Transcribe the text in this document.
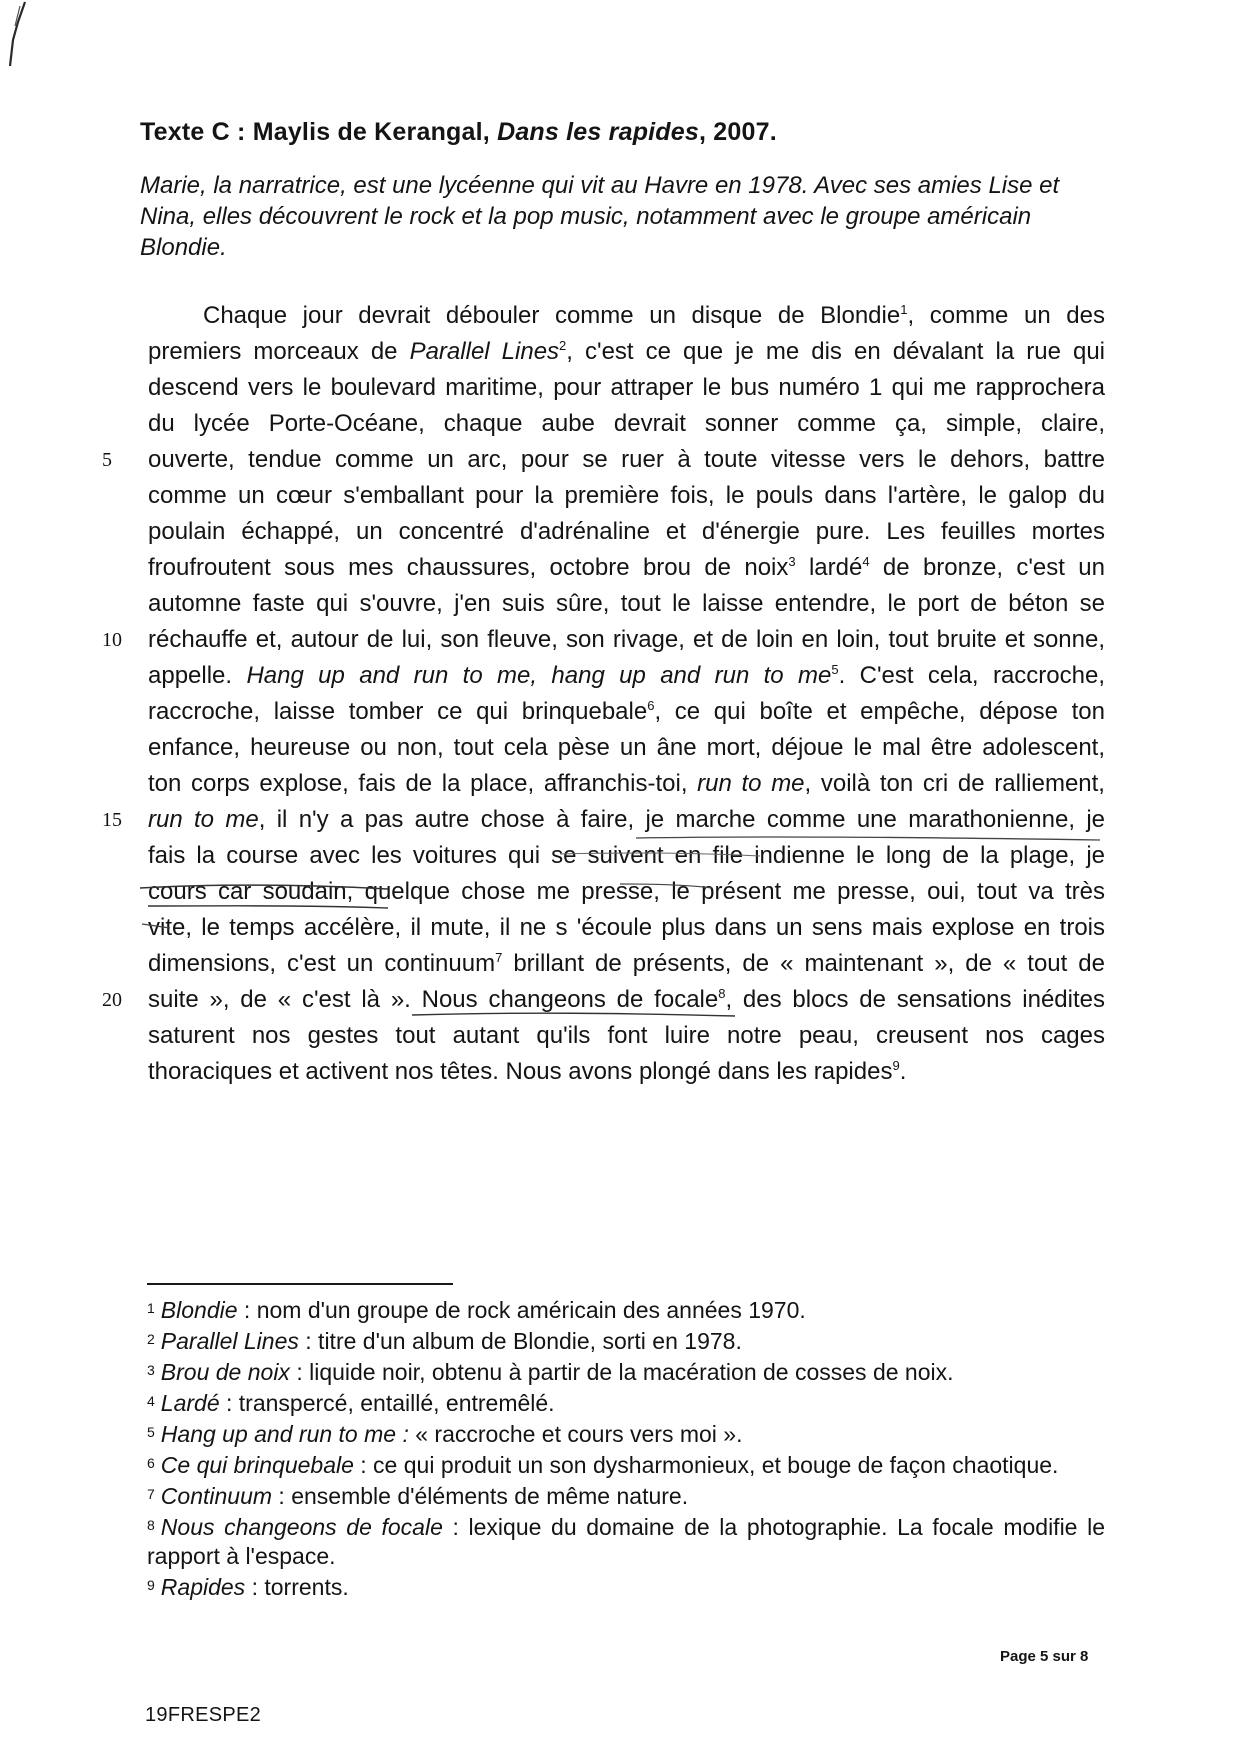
Texte C : Maylis de Kerangal, Dans les rapides, 2007.
Marie, la narratrice, est une lycéenne qui vit au Havre en 1978. Avec ses amies Lise et Nina, elles découvrent le rock et la pop music, notamment avec le groupe américain Blondie.
Chaque jour devrait débouler comme un disque de Blondie$^1$, comme un des
premiers morceaux de Parallel Lines$^2$, c'est ce que je me dis en dévalant la rue qui
descend vers le boulevard maritime, pour attraper le bus numéro 1 qui me rapprochera
du lycée Porte-Océane, chaque aube devrait sonner comme ça, simple, claire,
5	ouverte, tendue comme un arc, pour se ruer à toute vitesse vers le dehors, battre
comme un cœur s'emballant pour la première fois, le pouls dans l'artère, le galop du
poulain échappé, un concentré d'adrénaline et d'énergie pure. Les feuilles mortes
froufroutent sous mes chaussures, octobre brou de noix$^3$ lardé$^4$ de bronze, c'est un
automne faste qui s'ouvre, j'en suis sûre, tout le laisse entendre, le port de béton se
10	réchauffe et, autour de lui, son fleuve, son rivage, et de loin en loin, tout bruite et sonne,
appelle. Hang up and run to me, hang up and run to $me^5$. C'est cela, raccroche,
raccroche, laisse tomber ce qui brinquebale$^6$, ce qui boîte et empêche, dépose ton
enfance, heureuse ou non, tout cela pèse un âne mort, déjoue le mal être adolescent,
ton corps explose, fais de la place, affranchis-toi, run to me, voilà ton cri de ralliement,
15	run to me, il n'y a pas autre chose à faire, je marche comme une marathonienne, je
fais la course avec les voitures qui se suivent en file indienne le long de la plage, je
cours car soudain, quelque chose me presse, le présent me presse, oui, tout va très
vite, le temps accélère, il mute, il ne s 'écoule plus dans un sens mais explose en trois
dimensions, c'est un continuum$^7$ brillant de présents, de « maintenant », de « tout de
20	suite », de « c'est là ». Nous changeons de focale$^8$, des blocs de sensations inédites
saturent nos gestes tout autant qu'ils font luire notre peau, creusent nos cages
thoraciques et activent nos têtes. Nous avons plongé dans les rapides$^9$.
$^1$ Blondie : nom d'un groupe de rock américain des années 1970.
$^2$ Parallel Lines : titre d'un album de Blondie, sorti en 1978.
$^3$ Brou de noix : liquide noir, obtenu à partir de la macération de cosses de noix.
$^4$ Lardé : transpercé, entaillé, entremêlé.
$^5$ Hang up and run to me : « raccroche et cours vers moi ».
$^6$ Ce qui brinquebale : ce qui produit un son dysharmonieux, et bouge de façon chaotique.
$^7$ Continuum : ensemble d'éléments de même nature.
$^8$ Nous changeons de focale : lexique du domaine de la photographie. La focale modifie le rapport à l'espace.
$^9$ Rapides : torrents.
Page 5 sur 8
19FRESPE2
